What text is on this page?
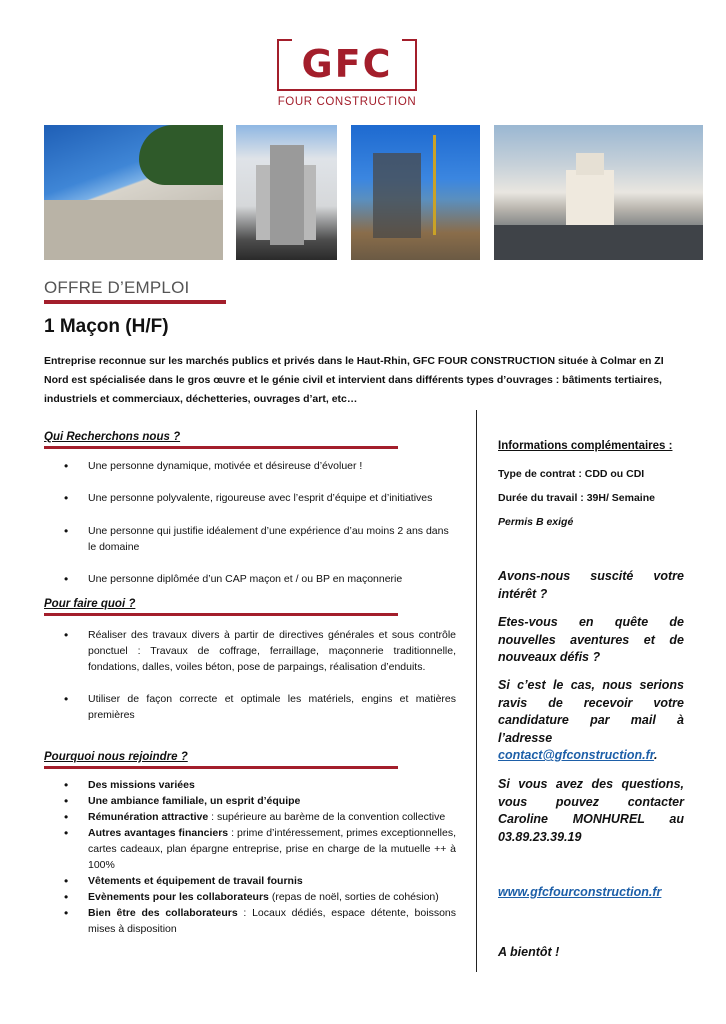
GFC
FOUR CONSTRUCTION
OFFRE D’EMPLOI
1 Maçon (H/F)
Entreprise reconnue sur les marchés publics et privés dans le Haut-Rhin, GFC FOUR CONSTRUCTION située à Colmar en ZI Nord est spécialisée dans le gros œuvre et le génie civil et intervient dans différents types d’ouvrages : bâtiments tertiaires, industriels et commerciaux, déchetteries, ouvrages d’art, etc…
Qui Recherchons nous ?

• Une personne dynamique, motivée et désireuse d’évoluer !

• Une personne polyvalente, rigoureuse avec l’esprit d’équipe et d’initiatives

• Une personne qui justifie idéalement d’une expérience d’au moins 2 ans dans le domaine

• Une personne diplômée d’un CAP maçon et / ou BP en maçonnerie

Pour faire quoi ?

• Réaliser des travaux divers à partir de directives générales et sous contrôle ponctuel : Travaux de coffrage, ferraillage, maçonnerie traditionnelle, fondations, dalles, voiles béton, pose de parpaings, réalisation d’enduits.

• Utiliser de façon correcte et optimale les matériels, engins et matières premières

Pourquoi nous rejoindre ?

• Des missions variées

• Une ambiance familiale, un esprit d’équipe

• Rémunération attractive : supérieure au barème de la convention collective

• Autres avantages financiers : prime d’intéressement, primes exceptionnelles, cartes cadeaux, plan épargne entreprise, prise en charge de la mutuelle ++ à 100%

• Vêtements et équipement de travail fournis

• Evènements pour les collaborateurs (repas de noël, sorties de cohésion)

• Bien être des collaborateurs : Locaux dédiés, espace détente, boissons mises à disposition

Informations complémentaires :
Type de contrat : CDD ou CDI
Durée du travail : 39H/ Semaine
Permis B exigé
Avons-nous suscité votre intérêt ?
Etes-vous en quête de nouvelles aventures et de nouveaux défis ?
Si c’est le cas, nous serions ravis de recevoir votre candidature par mail à l’adresse contact@gfconstruction.fr.
Si vous avez des questions, vous pouvez contacter Caroline MONHUREL au 03.89.23.39.19
www.gfcfourconstruction.fr
A bientôt !
